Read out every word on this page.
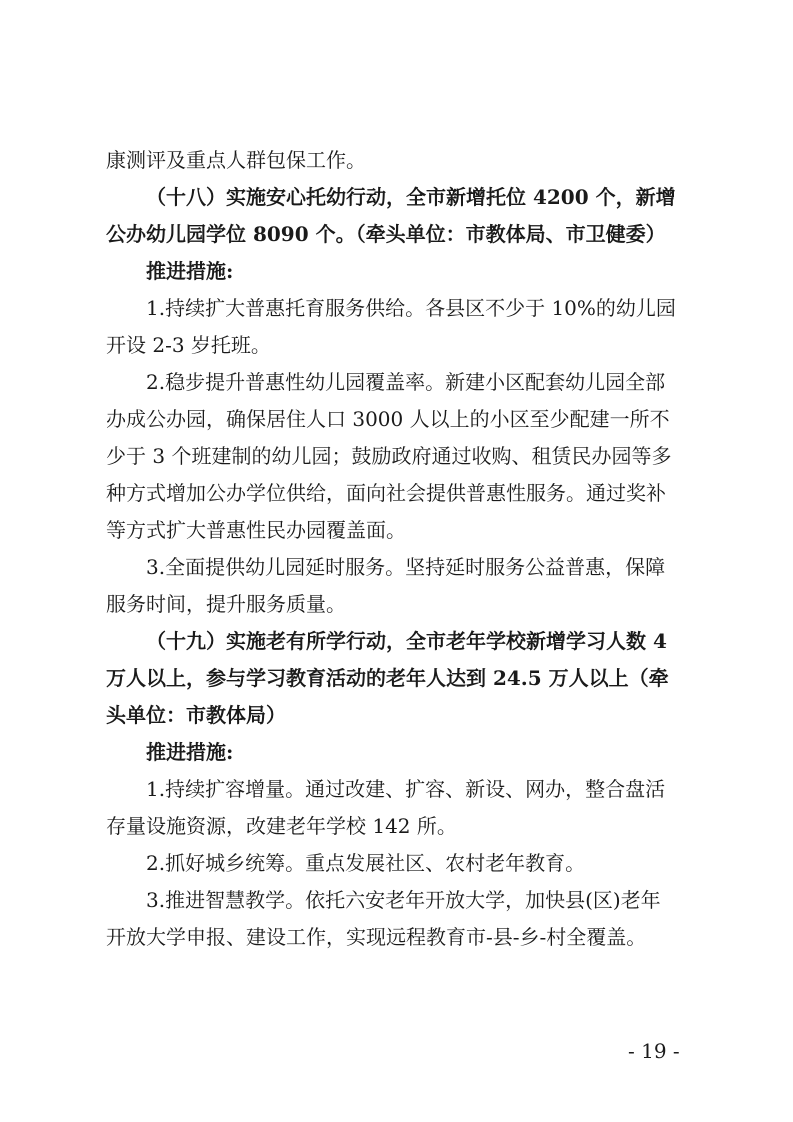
康测评及重点人群包保工作。
（十八）实施安心托幼行动，全市新增托位 4200 个，新增
公办幼儿园学位 8090 个。（牵头单位：市教体局、市卫健委）
推进措施:
1.持续扩大普惠托育服务供给。各县区不少于 10%的幼儿园
开设 2-3 岁托班。
2.稳步提升普惠性幼儿园覆盖率。新建小区配套幼儿园全部
办成公办园，确保居住人口 3000 人以上的小区至少配建一所不
少于 3 个班建制的幼儿园；鼓励政府通过收购、租赁民办园等多
种方式增加公办学位供给，面向社会提供普惠性服务。通过奖补
等方式扩大普惠性民办园覆盖面。
3.全面提供幼儿园延时服务。坚持延时服务公益普惠，保障
服务时间，提升服务质量。
（十九）实施老有所学行动，全市老年学校新增学习人数 4
万人以上，参与学习教育活动的老年人达到 24.5 万人以上（牵
头单位：市教体局）
推进措施:
1.持续扩容增量。通过改建、扩容、新设、网办，整合盘活
存量设施资源，改建老年学校 142 所。
2.抓好城乡统筹。重点发展社区、农村老年教育。
3.推进智慧教学。依托六安老年开放大学，加快县(区)老年
开放大学申报、建设工作，实现远程教育市-县-乡-村全覆盖。
- 19 -
